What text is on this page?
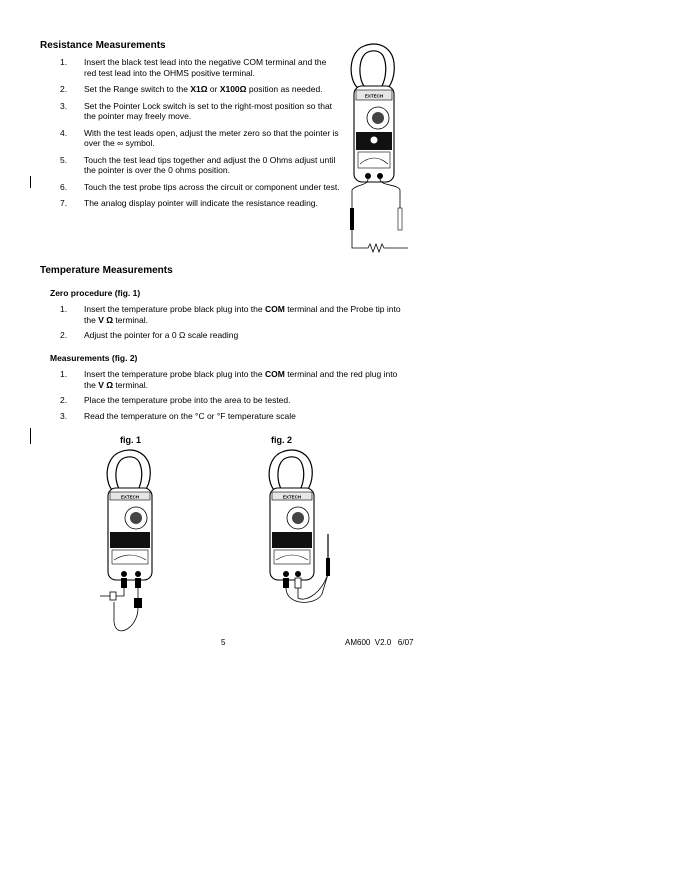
Resistance Measurements
1. Insert the black test lead into the negative COM terminal and the red test lead into the OHMS positive terminal.
2. Set the Range switch to the X1Ω or X100Ω position as needed.
3. Set the Pointer Lock switch is set to the right-most position so that the pointer may freely move.
4. With the test leads open, adjust the meter zero so that the pointer is over the ∞ symbol.
5. Touch the test lead tips together and adjust the 0 Ohms adjust until the pointer is over the 0 ohms position.
6. Touch the test probe tips across the circuit or component under test.
7. The analog display pointer will indicate the resistance reading.
EXTECH
Temperature Measurements
Zero procedure (fig. 1)
1. Insert the temperature probe black plug into the COM terminal and the Probe tip into the V Ω terminal.
2. Adjust the pointer for a 0 Ω scale reading
Measurements (fig. 2)
1. Insert the temperature probe black plug into the COM terminal and the red plug into the V Ω terminal.
2. Place the temperature probe into the area to be tested.
3. Read the temperature on the °C or °F temperature scale
fig. 1	fig. 2
EXTECH	EXTECH
5	AM600  V2.0   6/07
